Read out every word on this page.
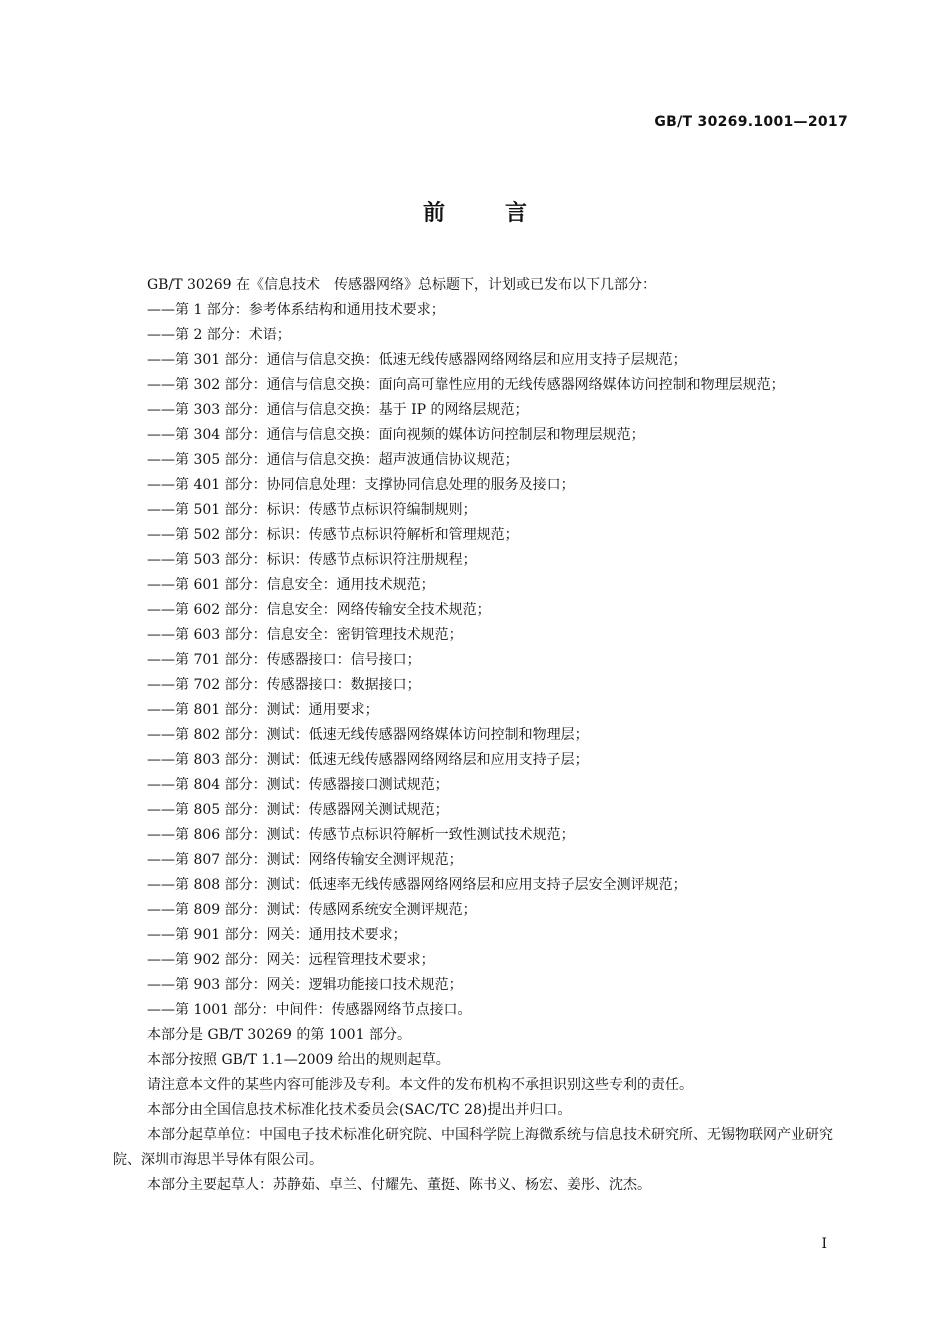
GB/T 30269.1001—2017
前	言
GB/T 30269 在《信息技术　传感器网络》总标题下，计划或已发布以下几部分：
——第 1 部分：参考体系结构和通用技术要求；
——第 2 部分：术语；
——第 301 部分：通信与信息交换：低速无线传感器网络网络层和应用支持子层规范；
——第 302 部分：通信与信息交换：面向高可靠性应用的无线传感器网络媒体访问控制和物理层规范；
——第 303 部分：通信与信息交换：基于 IP 的网络层规范；
——第 304 部分：通信与信息交换：面向视频的媒体访问控制层和物理层规范；
——第 305 部分：通信与信息交换：超声波通信协议规范；
——第 401 部分：协同信息处理：支撑协同信息处理的服务及接口；
——第 501 部分：标识：传感节点标识符编制规则；
——第 502 部分：标识：传感节点标识符解析和管理规范；
——第 503 部分：标识：传感节点标识符注册规程；
——第 601 部分：信息安全：通用技术规范；
——第 602 部分：信息安全：网络传输安全技术规范；
——第 603 部分：信息安全：密钥管理技术规范；
——第 701 部分：传感器接口：信号接口；
——第 702 部分：传感器接口：数据接口；
——第 801 部分：测试：通用要求；
——第 802 部分：测试：低速无线传感器网络媒体访问控制和物理层；
——第 803 部分：测试：低速无线传感器网络网络层和应用支持子层；
——第 804 部分：测试：传感器接口测试规范；
——第 805 部分：测试：传感器网关测试规范；
——第 806 部分：测试：传感节点标识符解析一致性测试技术规范；
——第 807 部分：测试：网络传输安全测评规范；
——第 808 部分：测试：低速率无线传感器网络网络层和应用支持子层安全测评规范；
——第 809 部分：测试：传感网系统安全测评规范；
——第 901 部分：网关：通用技术要求；
——第 902 部分：网关：远程管理技术要求；
——第 903 部分：网关：逻辑功能接口技术规范；
——第 1001 部分：中间件：传感器网络节点接口。
本部分是 GB/T 30269 的第 1001 部分。
本部分按照 GB/T 1.1—2009 给出的规则起草。
请注意本文件的某些内容可能涉及专利。本文件的发布机构不承担识别这些专利的责任。
本部分由全国信息技术标准化技术委员会(SAC/TC 28)提出并归口。
本部分起草单位：中国电子技术标准化研究院、中国科学院上海微系统与信息技术研究所、无锡物联网产业研究院、深圳市海思半导体有限公司。
本部分主要起草人：苏静茹、卓兰、付耀先、董挺、陈书义、杨宏、姜彤、沈杰。
I
